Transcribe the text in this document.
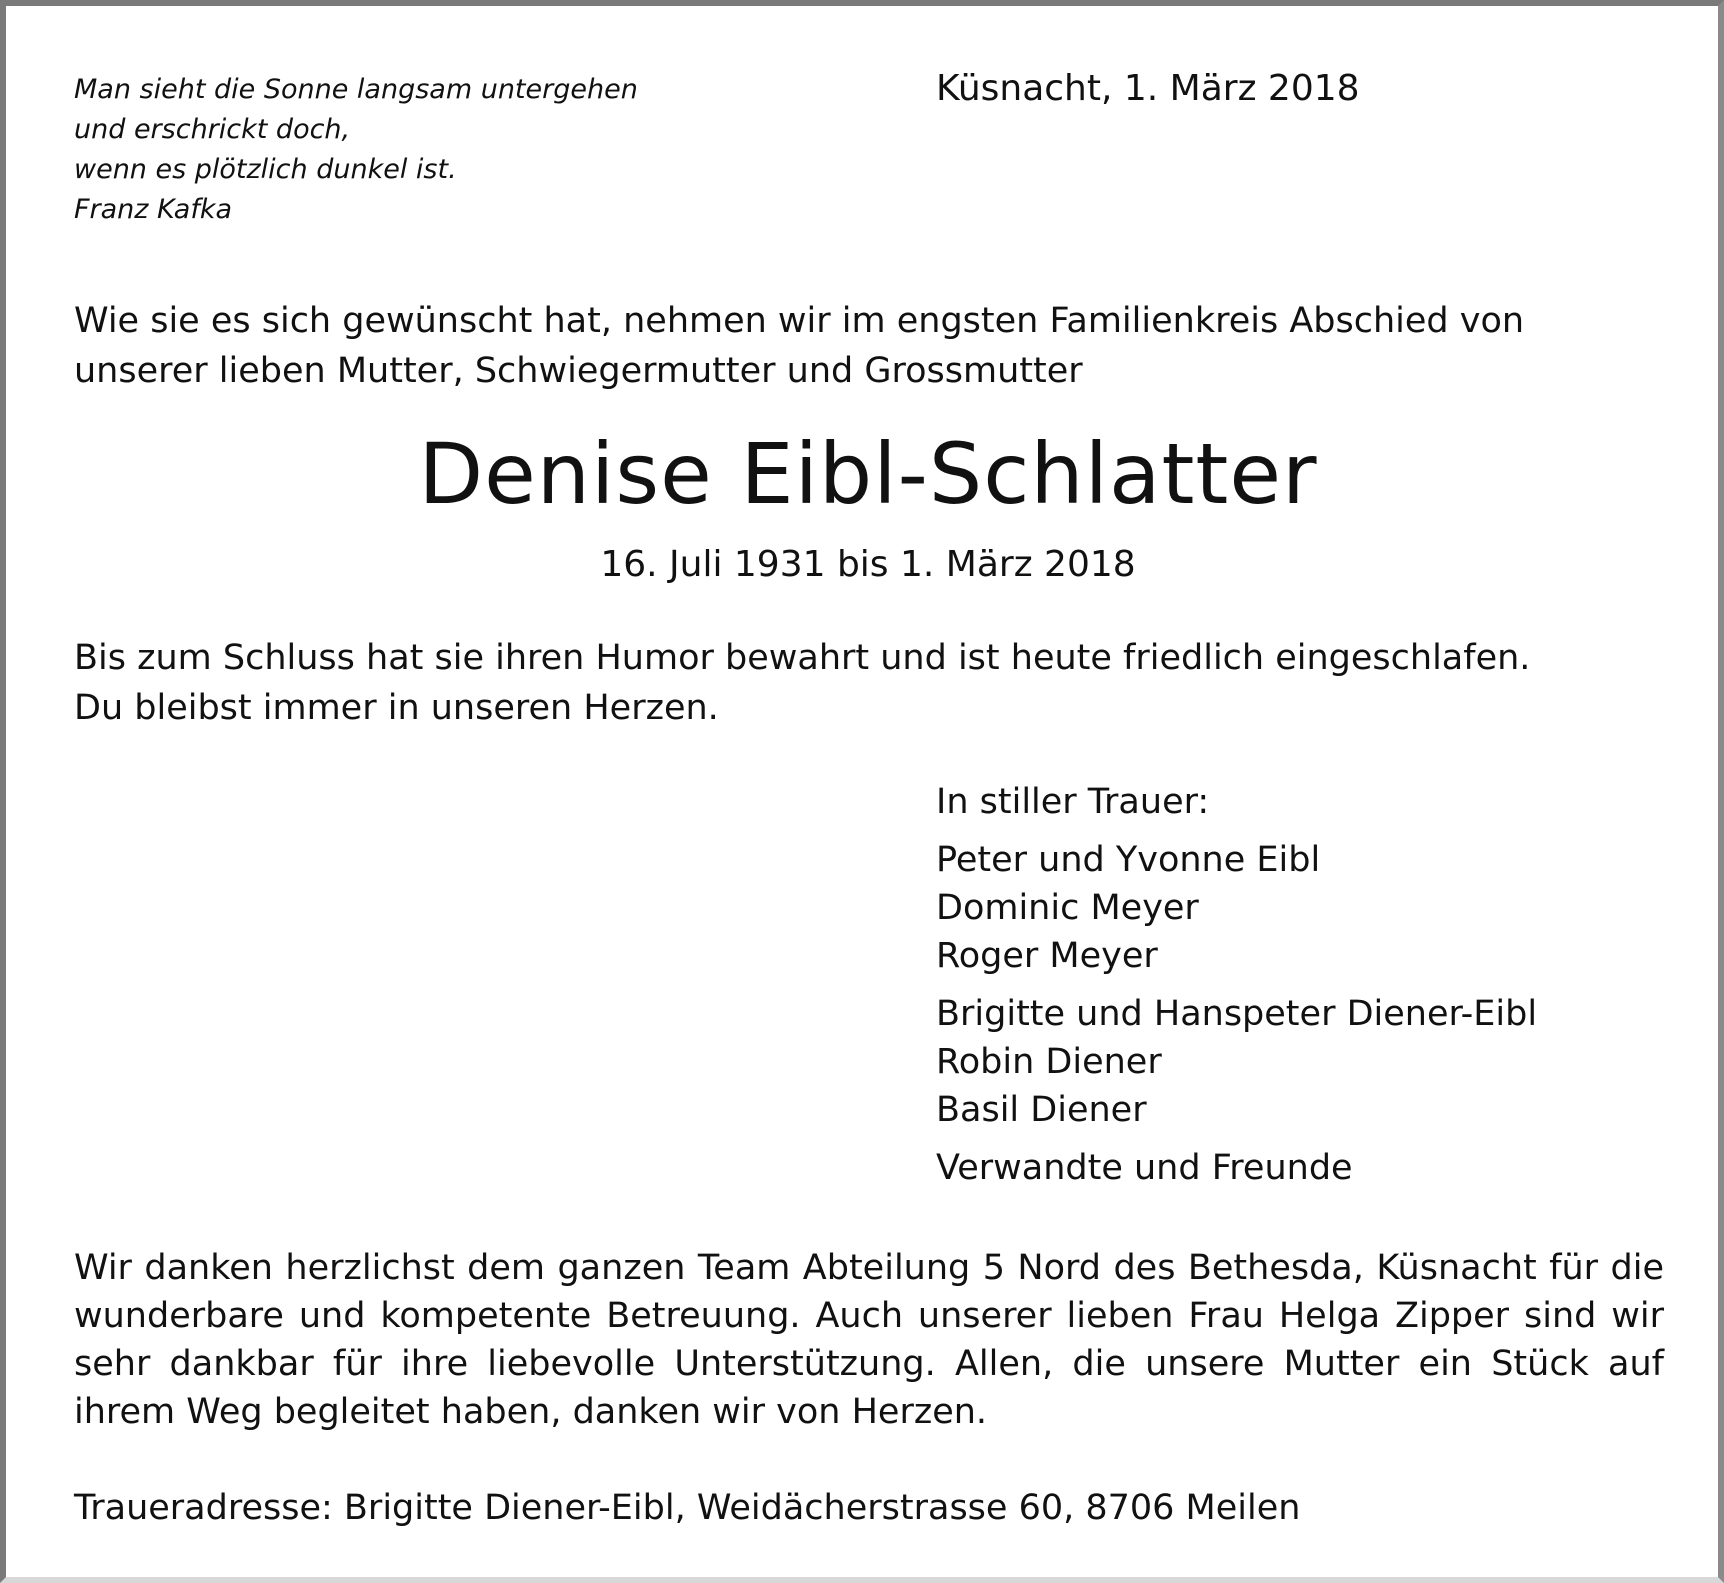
Man sieht die Sonne langsam untergehen
und erschrickt doch,
wenn es plötzlich dunkel ist.
Franz Kafka
Küsnacht, 1. März 2018
Wie sie es sich gewünscht hat, nehmen wir im engsten Familienkreis Abschied von unserer lieben Mutter, Schwiegermutter und Grossmutter
Denise Eibl-Schlatter
16. Juli 1931 bis 1. März 2018
Bis zum Schluss hat sie ihren Humor bewahrt und ist heute friedlich eingeschlafen.
Du bleibst immer in unseren Herzen.
In stiller Trauer:
Peter und Yvonne Eibl
Dominic Meyer
Roger Meyer
Brigitte und Hanspeter Diener-Eibl
Robin Diener
Basil Diener
Verwandte und Freunde
Wir danken herzlichst dem ganzen Team Abteilung 5 Nord des Bethesda, Küsnacht für die wunderbare und kompetente Betreuung. Auch unserer lieben Frau Helga Zipper sind wir sehr dankbar für ihre liebevolle Unterstützung. Allen, die unsere Mutter ein Stück auf ihrem Weg begleitet haben, danken wir von Herzen.
Traueradresse: Brigitte Diener-Eibl, Weidächerstrasse 60, 8706 Meilen
